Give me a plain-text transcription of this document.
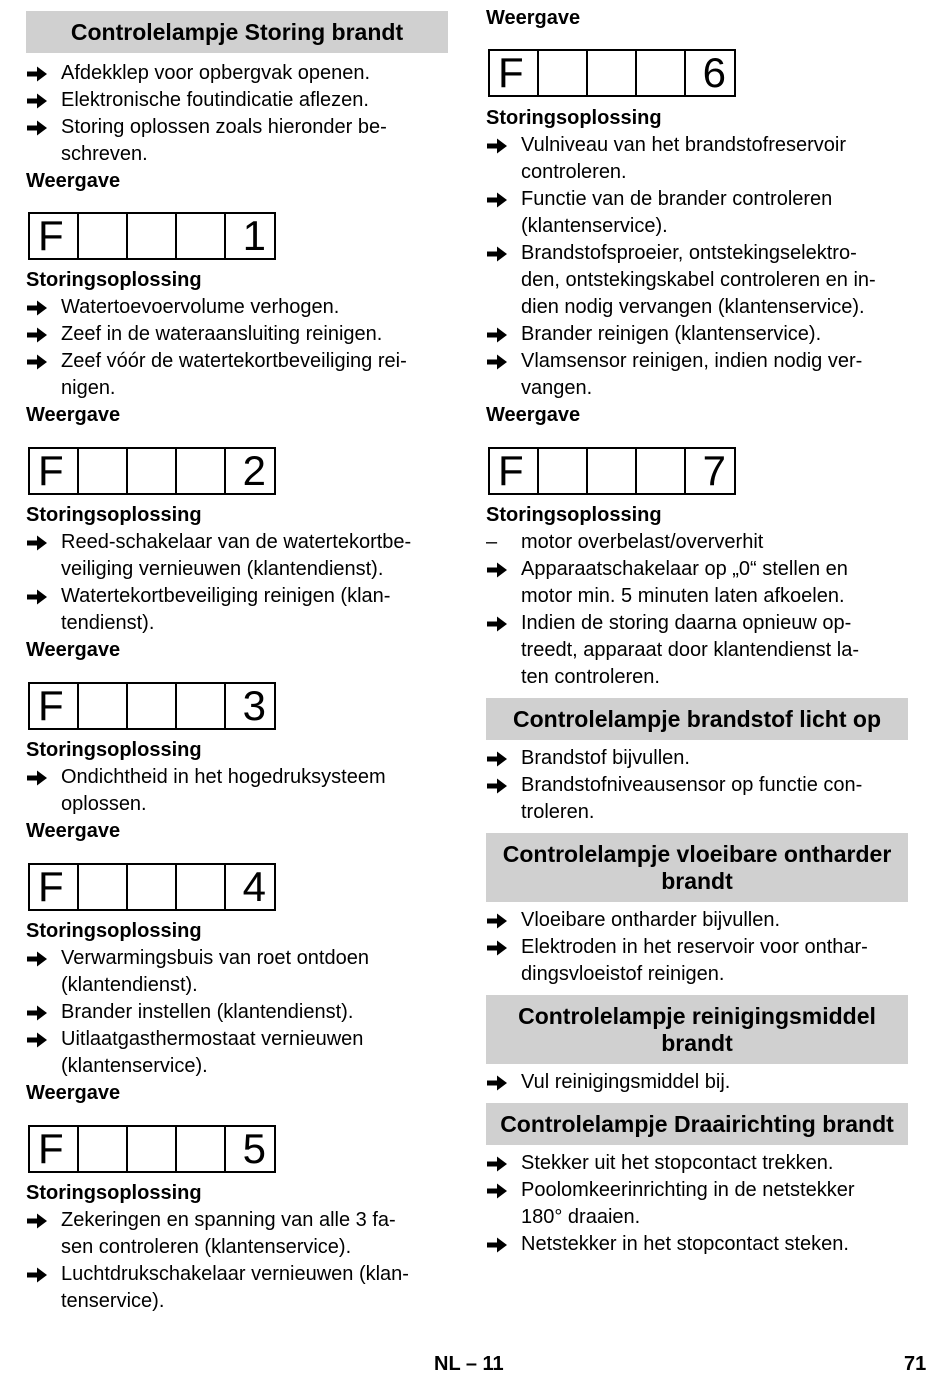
Controlelampje Storing brandt
Afdekklep voor opbergvak openen.
Elektronische foutindicatie aflezen.
Storing oplossen zoals hieronder be-
schreven.
Weergave
F	1
Storingsoplossing
Watertoevoervolume verhogen.
Zeef in de wateraansluiting reinigen.
Zeef vóór de watertekortbeveiliging rei-
nigen.
Weergave
F	2
Storingsoplossing
Reed-schakelaar van de watertekortbe-
veiliging vernieuwen (klantendienst).
Watertekortbeveiliging reinigen (klan-
tendienst).
Weergave
F	3
Storingsoplossing
Ondichtheid in het hogedruksysteem
oplossen.
Weergave
F	4
Storingsoplossing
Verwarmingsbuis van roet ontdoen
(klantendienst).
Brander instellen (klantendienst).
Uitlaatgasthermostaat vernieuwen
(klantenservice).
Weergave
F	5
Storingsoplossing
Zekeringen en spanning van alle 3 fa-
sen controleren (klantenservice).
Luchtdrukschakelaar vernieuwen (klan-
tenservice).
Weergave
F	6
Storingsoplossing
Vulniveau van het brandstofreservoir
controleren.
Functie van de brander controleren
(klantenservice).
Brandstofsproeier, ontstekingselektro-
den, ontstekingskabel controleren en in-
dien nodig vervangen (klantenservice).
Brander reinigen (klantenservice).
Vlamsensor reinigen, indien nodig ver-
vangen.
Weergave
F	7
Storingsoplossing
–	motor overbelast/oververhit
Apparaatschakelaar op „0“ stellen en
motor min. 5 minuten laten afkoelen.
Indien de storing daarna opnieuw op-
treedt, apparaat door klantendienst la-
ten controleren.
Controlelampje brandstof licht op
Brandstof bijvullen.
Brandstofniveausensor op functie con-
troleren.
Controlelampje vloeibare ontharder
brandt
Vloeibare ontharder bijvullen.
Elektroden in het reservoir voor onthar-
dingsvloeistof reinigen.
Controlelampje reinigingsmiddel
brandt
Vul reinigingsmiddel bij.
Controlelampje Draairichting brandt
Stekker uit het stopcontact trekken.
Poolomkeerinrichting in de netstekker
180° draaien.
Netstekker in het stopcontact steken.
NL – 11	71
